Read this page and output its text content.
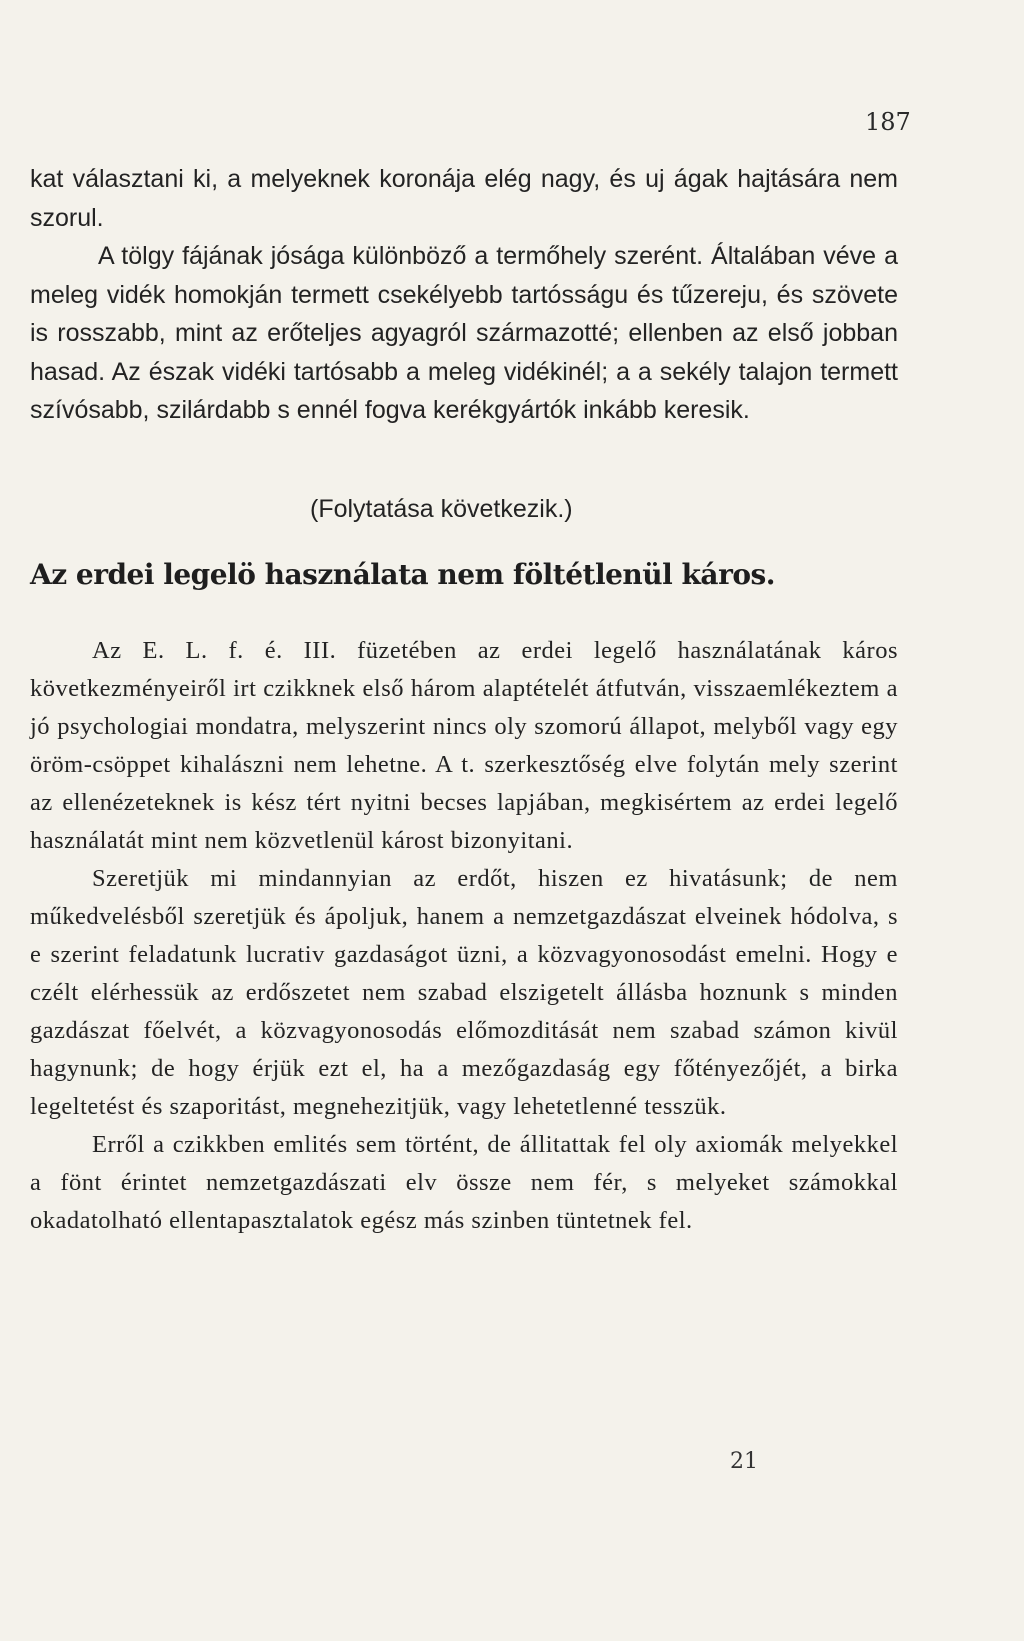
187

kat választani ki, a melyeknek koronája elég nagy, és uj ágak hajtására nem szorul.

A tölgy fájának jósága különböző a termőhely szerént. Általában véve a meleg vidék homokján termett csekélyebb tartósságu és tűzereju, és szövete is rosszabb, mint az erőteljes agyagról származotté; ellenben az első jobban hasad. Az észak vidéki tartósabb a meleg vidékinél; a a sekély talajon termett szívósabb, szilárdabb s ennél fogva kerékgyártók inkább keresik.

(Folytatása következik.)
Az erdei legelö használata nem föltétlenül káros.

Az E. L. f. é. III. füzetében az erdei legelő használatának káros következményeiről irt czikknek első három alaptételét átfutván, visszaemlékeztem a jó psychologiai mondatra, melyszerint nincs oly szomorú állapot, melyből vagy egy öröm-csöppet kihalászni nem lehetne. A t. szerkesztőség elve folytán mely szerint az ellenézeteknek is kész tért nyitni becses lapjában, megkisértem az erdei legelő használatát mint nem közvetlenül károst bizonyitani.

Szeretjük mi mindannyian az erdőt, hiszen ez hivatásunk; de nem műkedvelésből szeretjük és ápoljuk, hanem a nemzetgazdászat elveinek hódolva, s e szerint feladatunk lucrativ gazdaságot üzni, a közvagyonosodást emelni. Hogy e czélt elérhessük az erdőszetet nem szabad elszigetelt állásba hoznunk s minden gazdászat főelvét, a közvagyonosodás előmozditását nem szabad számon kivül hagynunk; de hogy érjük ezt el, ha a mezőgazdaság egy főtényezőjét, a birka legeltetést és szaporitást, megnehezitjük, vagy lehetetlenné tesszük.

Erről a czikkben emlités sem történt, de állitattak fel oly axiomák melyekkel a fönt érintet nemzetgazdászati elv össze nem fér, s melyeket számokkal okadatolható ellentapasztalatok egész más szinben tüntetnek fel.

21
